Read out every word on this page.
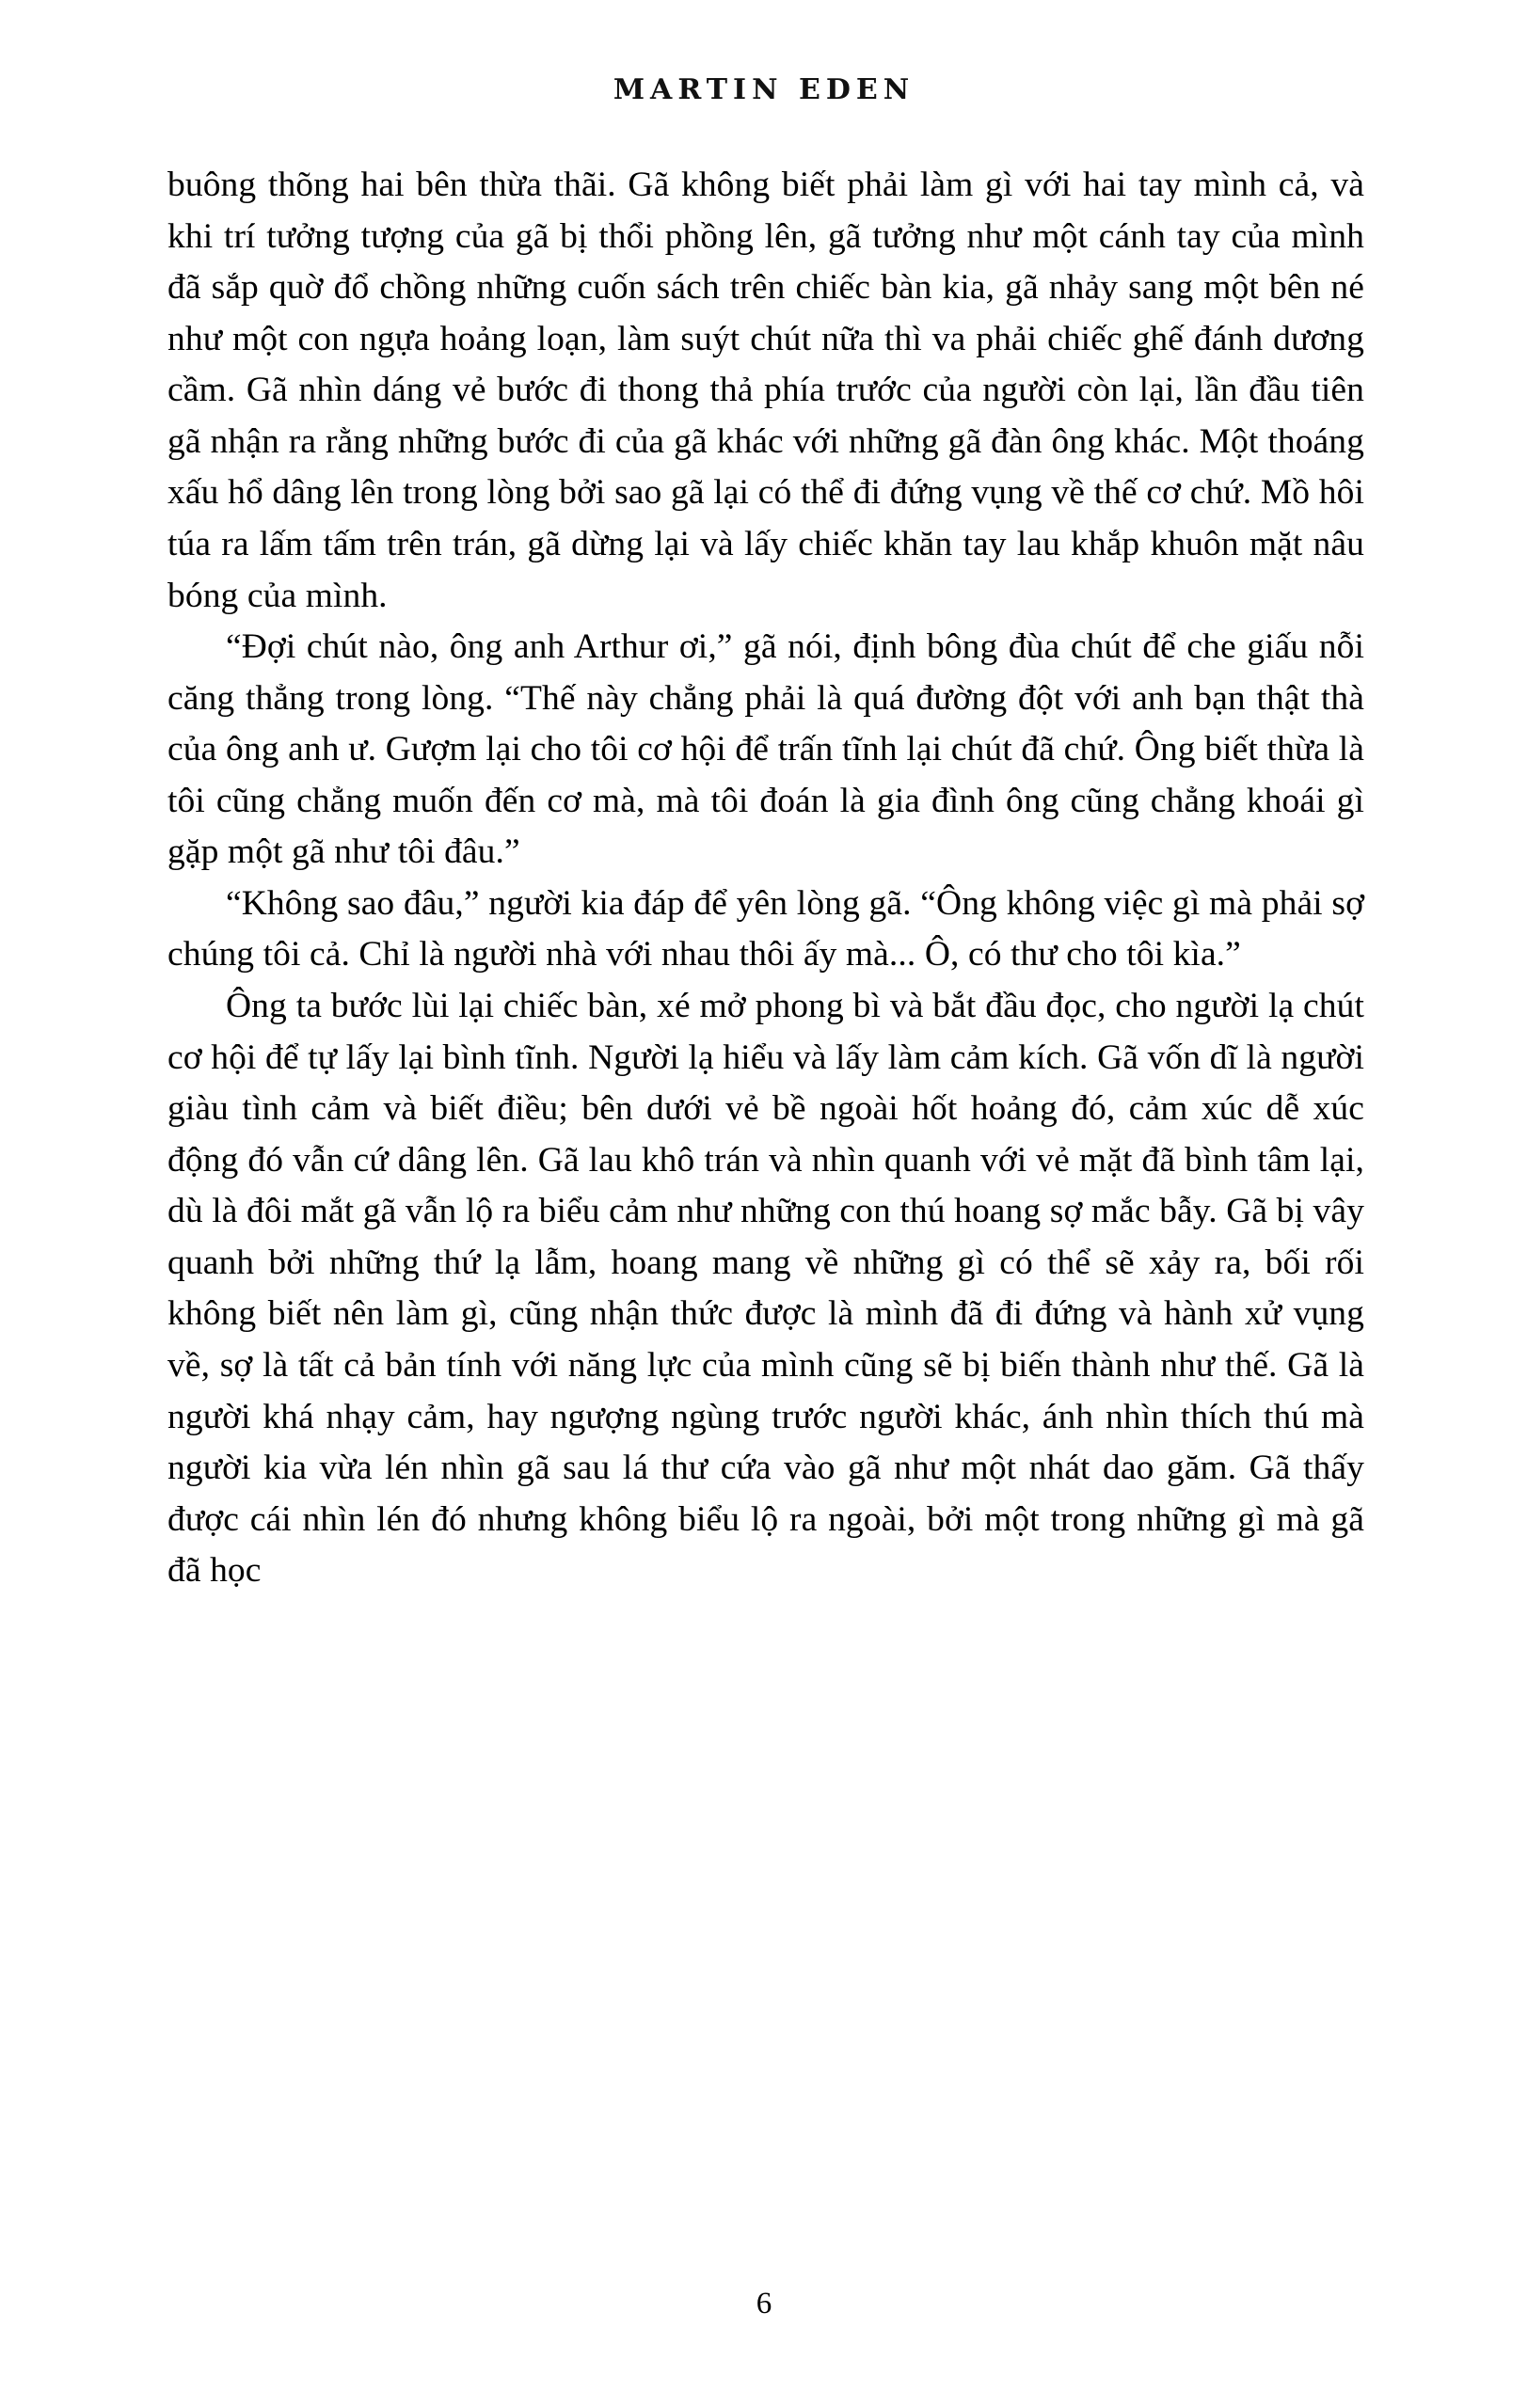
MARTIN EDEN

buông thõng hai bên thừa thãi. Gã không biết phải làm gì với hai tay mình cả, và khi trí tưởng tượng của gã bị thổi phồng lên, gã tưởng như một cánh tay của mình đã sắp quờ đổ chồng những cuốn sách trên chiếc bàn kia, gã nhảy sang một bên né như một con ngựa hoảng loạn, làm suýt chút nữa thì va phải chiếc ghế đánh dương cầm. Gã nhìn dáng vẻ bước đi thong thả phía trước của người còn lại, lần đầu tiên gã nhận ra rằng những bước đi của gã khác với những gã đàn ông khác. Một thoáng xấu hổ dâng lên trong lòng bởi sao gã lại có thể đi đứng vụng về thế cơ chứ. Mồ hôi túa ra lấm tấm trên trán, gã dừng lại và lấy chiếc khăn tay lau khắp khuôn mặt nâu bóng của mình.

“Đợi chút nào, ông anh Arthur ơi,” gã nói, định bông đùa chút để che giấu nỗi căng thẳng trong lòng. “Thế này chẳng phải là quá đường đột với anh bạn thật thà của ông anh ư. Gượm lại cho tôi cơ hội để trấn tĩnh lại chút đã chứ. Ông biết thừa là tôi cũng chẳng muốn đến cơ mà, mà tôi đoán là gia đình ông cũng chẳng khoái gì gặp một gã như tôi đâu.”

“Không sao đâu,” người kia đáp để yên lòng gã. “Ông không việc gì mà phải sợ chúng tôi cả. Chỉ là người nhà với nhau thôi ấy mà... Ô, có thư cho tôi kìa.”

Ông ta bước lùi lại chiếc bàn, xé mở phong bì và bắt đầu đọc, cho người lạ chút cơ hội để tự lấy lại bình tĩnh. Người lạ hiểu và lấy làm cảm kích. Gã vốn dĩ là người giàu tình cảm và biết điều; bên dưới vẻ bề ngoài hốt hoảng đó, cảm xúc dễ xúc động đó vẫn cứ dâng lên. Gã lau khô trán và nhìn quanh với vẻ mặt đã bình tâm lại, dù là đôi mắt gã vẫn lộ ra biểu cảm như những con thú hoang sợ mắc bẫy. Gã bị vây quanh bởi những thứ lạ lẫm, hoang mang về những gì có thể sẽ xảy ra, bối rối không biết nên làm gì, cũng nhận thức được là mình đã đi đứng và hành xử vụng về, sợ là tất cả bản tính với năng lực của mình cũng sẽ bị biến thành như thế. Gã là người khá nhạy cảm, hay ngượng ngùng trước người khác, ánh nhìn thích thú mà người kia vừa lén nhìn gã sau lá thư cứa vào gã như một nhát dao găm. Gã thấy được cái nhìn lén đó nhưng không biểu lộ ra ngoài, bởi một trong những gì mà gã đã học

6
